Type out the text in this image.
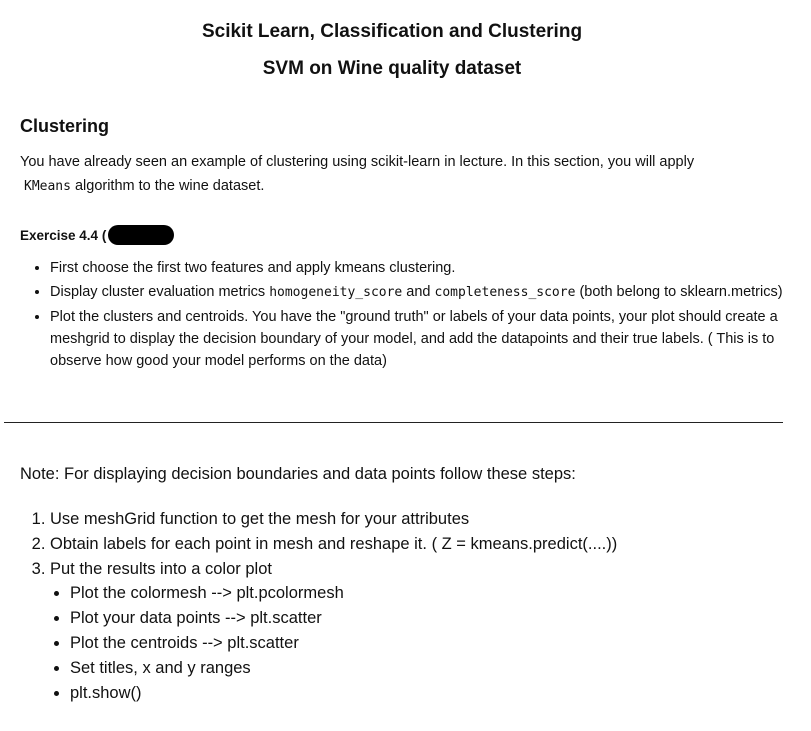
Scikit Learn, Classification and Clustering
SVM on Wine quality dataset
Clustering

You have already seen an example of clustering using scikit-learn in lecture. In this section, you will apply
KMeans algorithm to the wine dataset.

Exercise 4.4 (

• First choose the first two features and apply kmeans clustering.
• Display cluster evaluation metrics homogeneity_score and completeness_score (both belong to sklearn.metrics)
• Plot the clusters and centroids. You have the "ground truth" or labels of your data points, your plot should create a meshgrid to display the decision boundary of your model, and add the datapoints and their true labels. ( This is to observe how good your model performs on the data)

Note: For displaying decision boundaries and data points follow these steps:

1. Use meshGrid function to get the mesh for your attributes
2. Obtain labels for each point in mesh and reshape it. ( Z = kmeans.predict(....))
3. Put the results into a color plot
• Plot the colormesh --> plt.pcolormesh
• Plot your data points --> plt.scatter
• Plot the centroids --> plt.scatter
• Set titles, x and y ranges
• plt.show()
